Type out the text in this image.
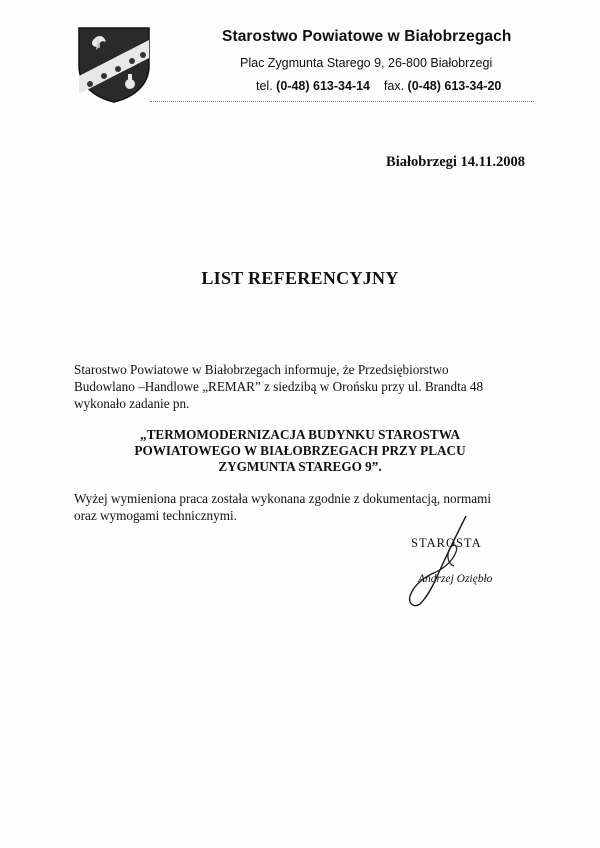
Starostwo Powiatowe w Białobrzegach
Plac Zygmunta Starego 9, 26-800 Białobrzegi
tel. (0-48) 613-34-14 fax. (0-48) 613-34-20
Białobrzegi 14.11.2008
LIST REFERENCYJNY
Starostwo Powiatowe w Białobrzegach informuje, że Przedsiębiorstwo
Budowlano –Handlowe „REMAR” z siedzibą w Orońsku przy ul. Brandta 48
wykonało zadanie pn.
„TERMOMODERNIZACJA BUDYNKU STAROSTWA
POWIATOWEGO W BIAŁOBRZEGACH PRZY PLACU
ZYGMUNTA STAREGO 9”.
Wyżej wymieniona praca została wykonana zgodnie z dokumentacją, normami
oraz wymogami technicznymi.
STAROSTA
Andrzej Oziębło
